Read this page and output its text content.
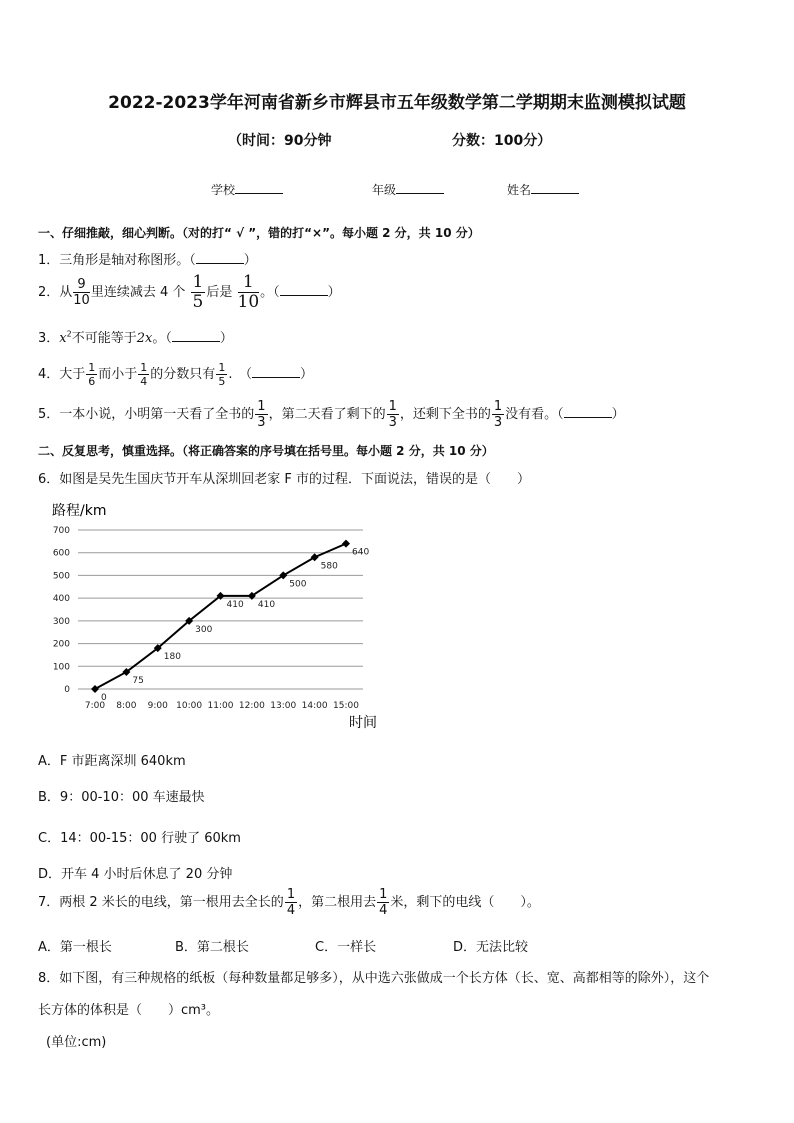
2022-2023学年河南省新乡市辉县市五年级数学第二学期期末监测模拟试题
（时间：90分钟	分数：100分）
学校	年级	姓名
一、仔细推敲，细心判断。（对的打“ √ ”，错的打“×”。每小题 2 分，共 10 分）
1．三角形是轴对称图形。（	）
2．从 $\frac{9}{10}$ 里连续减去 4 个 $\frac{1}{5}$ 后是 $\frac{1}{10}$ 。（	）
3．$x^2$不可能等于2x。（	）
4．大于 $\frac{1}{6}$ 而小于 $\frac{1}{4}$ 的分数只有 $\frac{1}{5}$ .　（	）
5．一本小说，小明第一天看了全书的 $\frac{1}{3}$ ，第二天看了剩下的 $\frac{1}{3}$ ，还剩下全书的 $\frac{1}{3}$ 没有看。（	）
二、反复思考，慎重选择。（将正确答案的序号填在括号里。每小题 2 分，共 10 分）
6．如图是吴先生国庆节开车从深圳回老家 F 市的过程．下面说法，错误的是（　　）
路程/km
时间
0
100
200
300
400
500
600
700
7:00 8:00 9:00 10:00 11:00 12:00 13:00 14:00 15:00
0
75
180
300
410 410
500
580
640
A．F 市距离深圳 640km
B．9：00-10：00 车速最快
C．14：00-15：00 行驶了 60km
D．开车 4 小时后休息了 20 分钟
7．两根 2 米长的电线，第一根用去全长的 $\frac{1}{4}$ ，第二根用去 $\frac{1}{4}$ 米，剩下的电线（　　）。
A．第一根长	B．第二根长	C．一样长	D．无法比较
8．如下图，有三种规格的纸板（每种数量都足够多），从中选六张做成一个长方体（长、宽、高都相等的除外），这个
长方体的体积是（　　）cm³。
(单位:cm)
